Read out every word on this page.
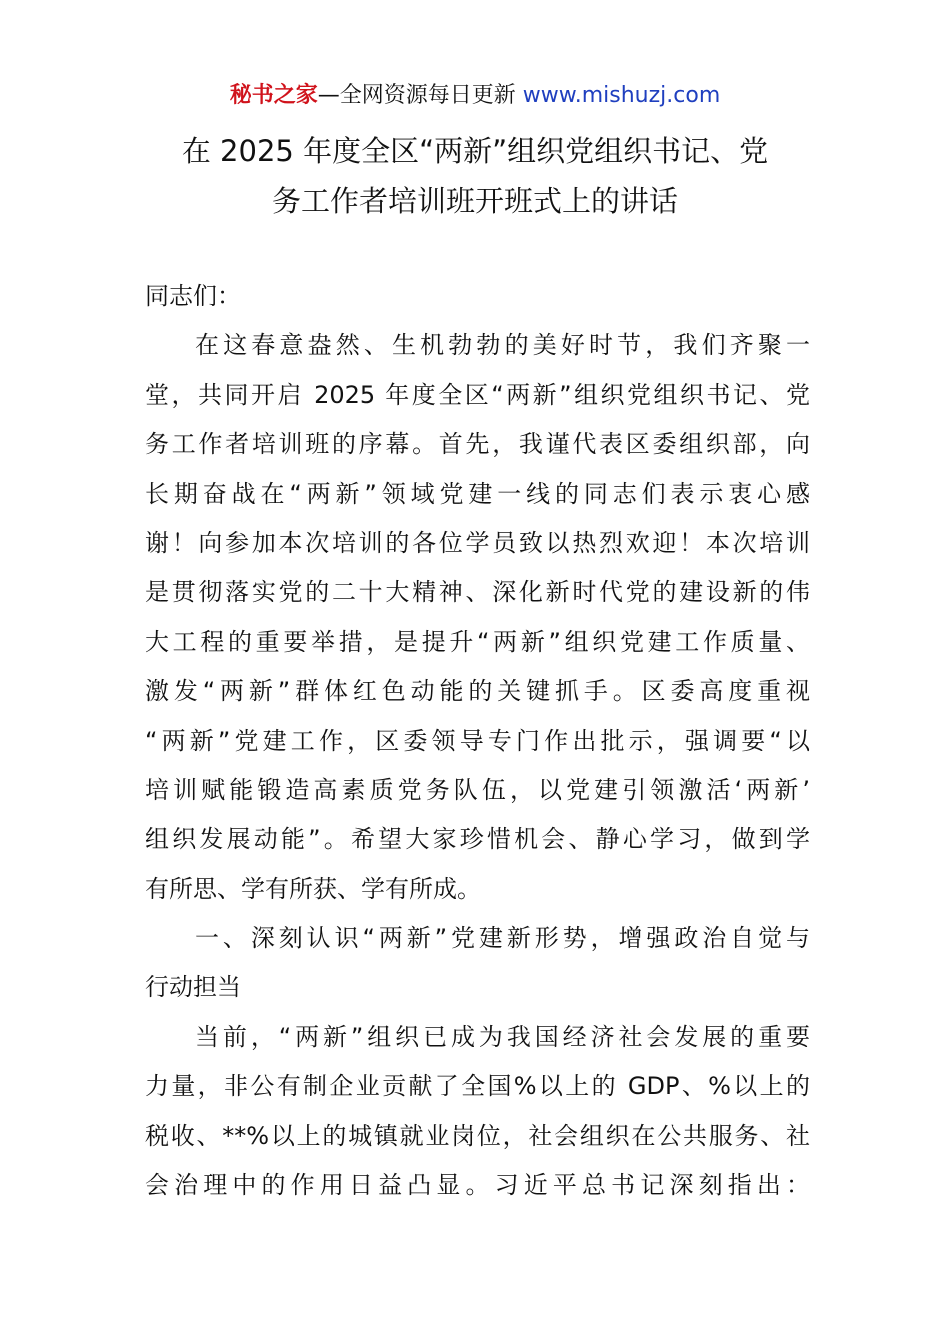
秘书之家—全网资源每日更新 www.mishuzj.com
在 2025 年度全区“两新”组织党组织书记、党
务工作者培训班开班式上的讲话
同志们：
在这春意盎然、生机勃勃的美好时节，我们齐聚一
堂，共同开启 2025 年度全区“两新”组织党组织书记、党
务工作者培训班的序幕。首先，我谨代表区委组织部，向
长期奋战在“两新”领域党建一线的同志们表示衷心感
谢！向参加本次培训的各位学员致以热烈欢迎！本次培训
是贯彻落实党的二十大精神、深化新时代党的建设新的伟
大工程的重要举措，是提升“两新”组织党建工作质量、
激发“两新”群体红色动能的关键抓手。区委高度重视
“两新”党建工作，区委领导专门作出批示，强调要“以
培训赋能锻造高素质党务队伍，以党建引领激活‘两新’
组织发展动能”。希望大家珍惜机会、静心学习，做到学
有所思、学有所获、学有所成。
一、深刻认识“两新”党建新形势，增强政治自觉与
行动担当
当前，“两新”组织已成为我国经济社会发展的重要
力量，非公有制企业贡献了全国%以上的 GDP、%以上的
税收、**%以上的城镇就业岗位，社会组织在公共服务、社
会治理中的作用日益凸显。习近平总书记深刻指出：
